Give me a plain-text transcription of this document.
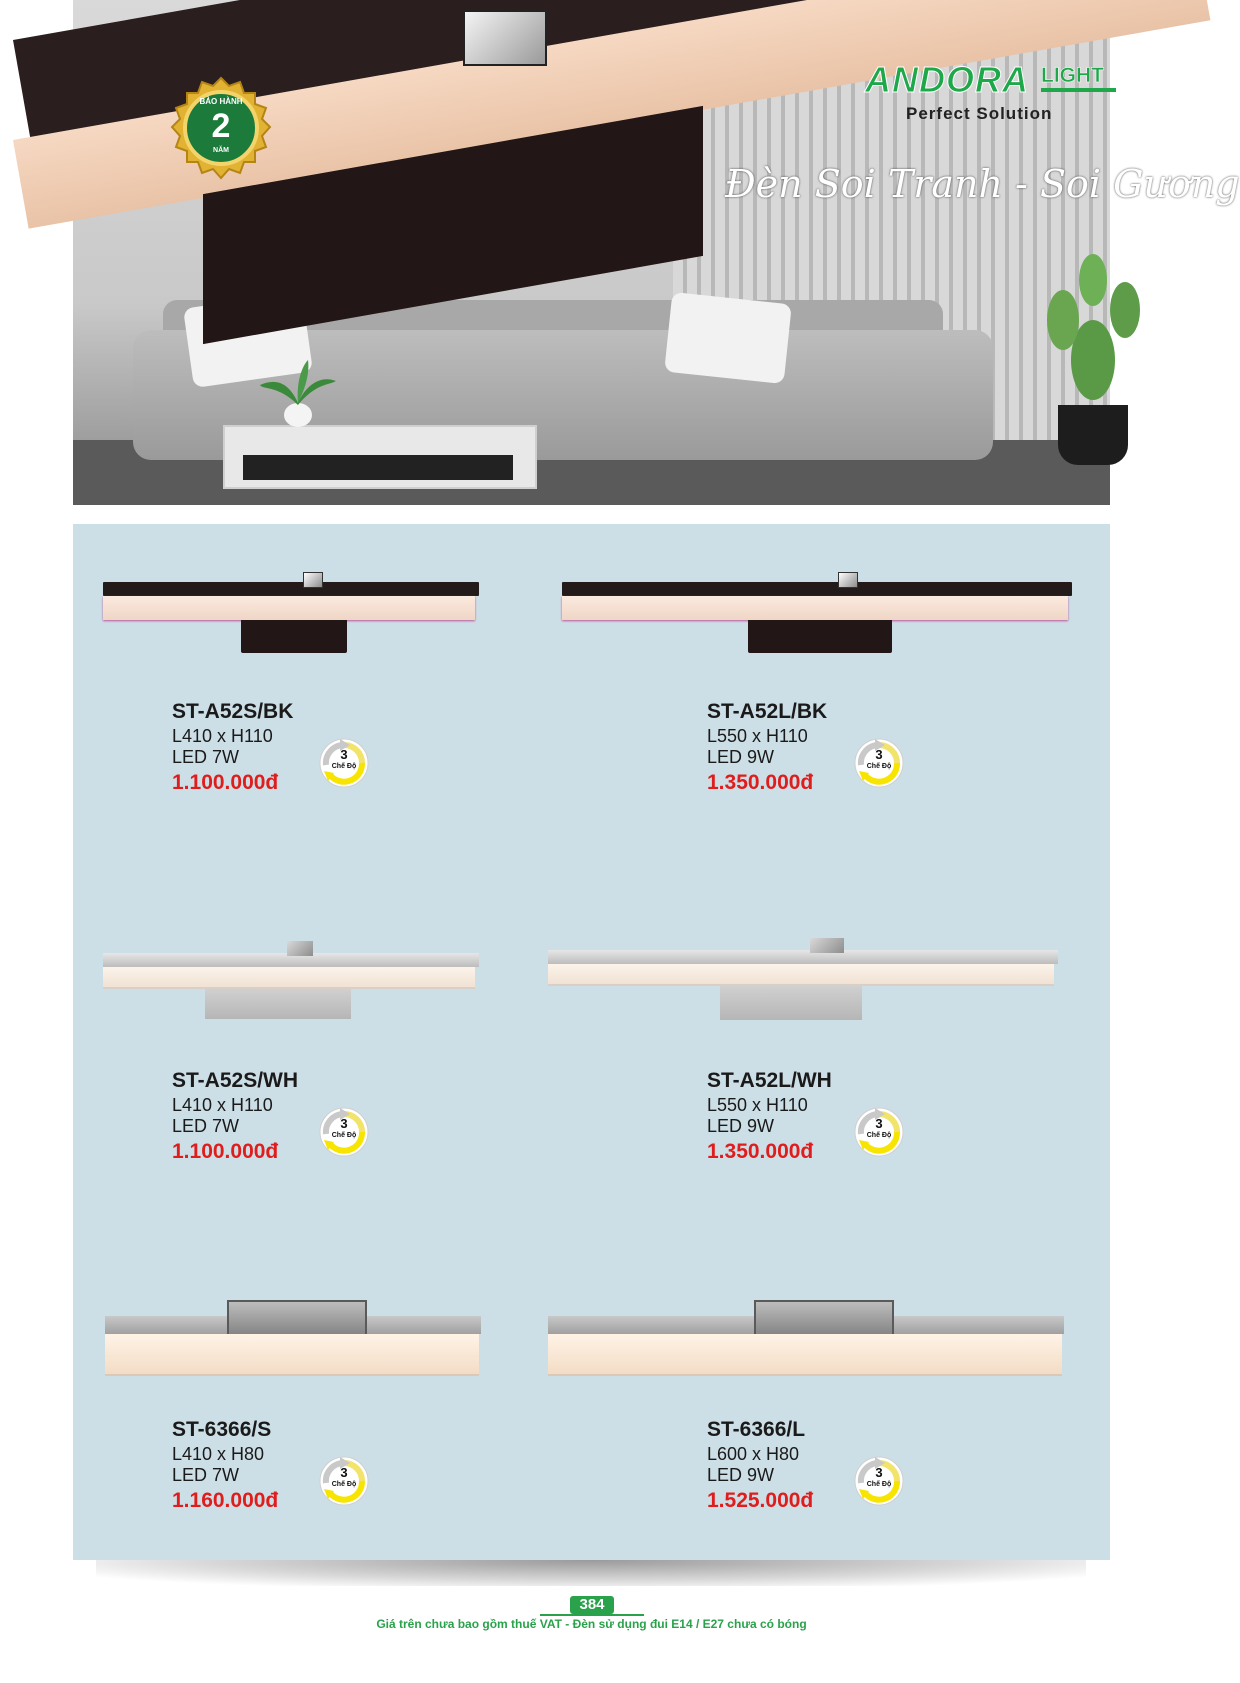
BẢO HÀNH
2
NĂM
ANDORA LIGHT
Perfect Solution
Đèn Soi Tranh - Soi Gương
ST-A52S/BK
L410 x H110
LED 7W
1.100.000đ
ST-A52L/BK
L550 x H110
LED 9W
1.350.000đ
ST-A52S/WH
L410 x H110
LED 7W
1.100.000đ
ST-A52L/WH
L550 x H110
LED 9W
1.350.000đ
ST-6366/S
L410 x H80
LED 7W
1.160.000đ
ST-6366/L
L600 x H80
LED 9W
1.525.000đ
3
Chế Độ
3
Chế Độ
3
Chế Độ
3
Chế Độ
3
Chế Độ
3
Chế Độ
384
Giá trên chưa bao gồm thuế VAT - Đèn sử dụng đui E14 / E27 chưa có bóng
